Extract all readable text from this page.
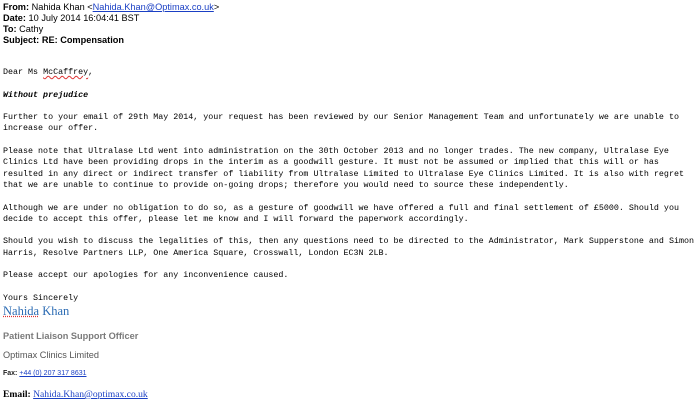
From: Nahida Khan <Nahida.Khan@Optimax.co.uk>
Date: 10 July 2014 16:04:41 BST
To: Cathy
Subject: RE: Compensation

Dear Ms McCaffrey,

Without prejudice

Further to your email of 29th May 2014, your request has been reviewed by our Senior Management Team and unfortunately we are unable to increase our offer.

Please note that Ultralase Ltd went into administration on the 30th October 2013 and no longer trades. The new company, Ultralase Eye Clinics Ltd have been providing drops in the interim as a goodwill gesture. It must not be assumed or implied that this will or has resulted in any direct or indirect transfer of liability from Ultralase Limited to Ultralase Eye Clinics Limited. It is also with regret that we are unable to continue to provide on-going drops; therefore you would need to source these independently.

Although we are under no obligation to do so, as a gesture of goodwill we have offered a full and final settlement of £5000. Should you decide to accept this offer, please let me know and I will forward the paperwork accordingly.

Should you wish to discuss the legalities of this, then any questions need to be directed to the Administrator, Mark Supperstone and Simon Harris, Resolve Partners LLP, One America Square, Crosswall, London EC3N 2LB.

Please accept our apologies for any inconvenience caused.

Yours Sincerely

Nahida Khan
Patient Liaison Support Officer
Optimax Clinics Limited
Fax: +44 (0) 207 317 8631
Email: Nahida.Khan@optimax.co.uk
